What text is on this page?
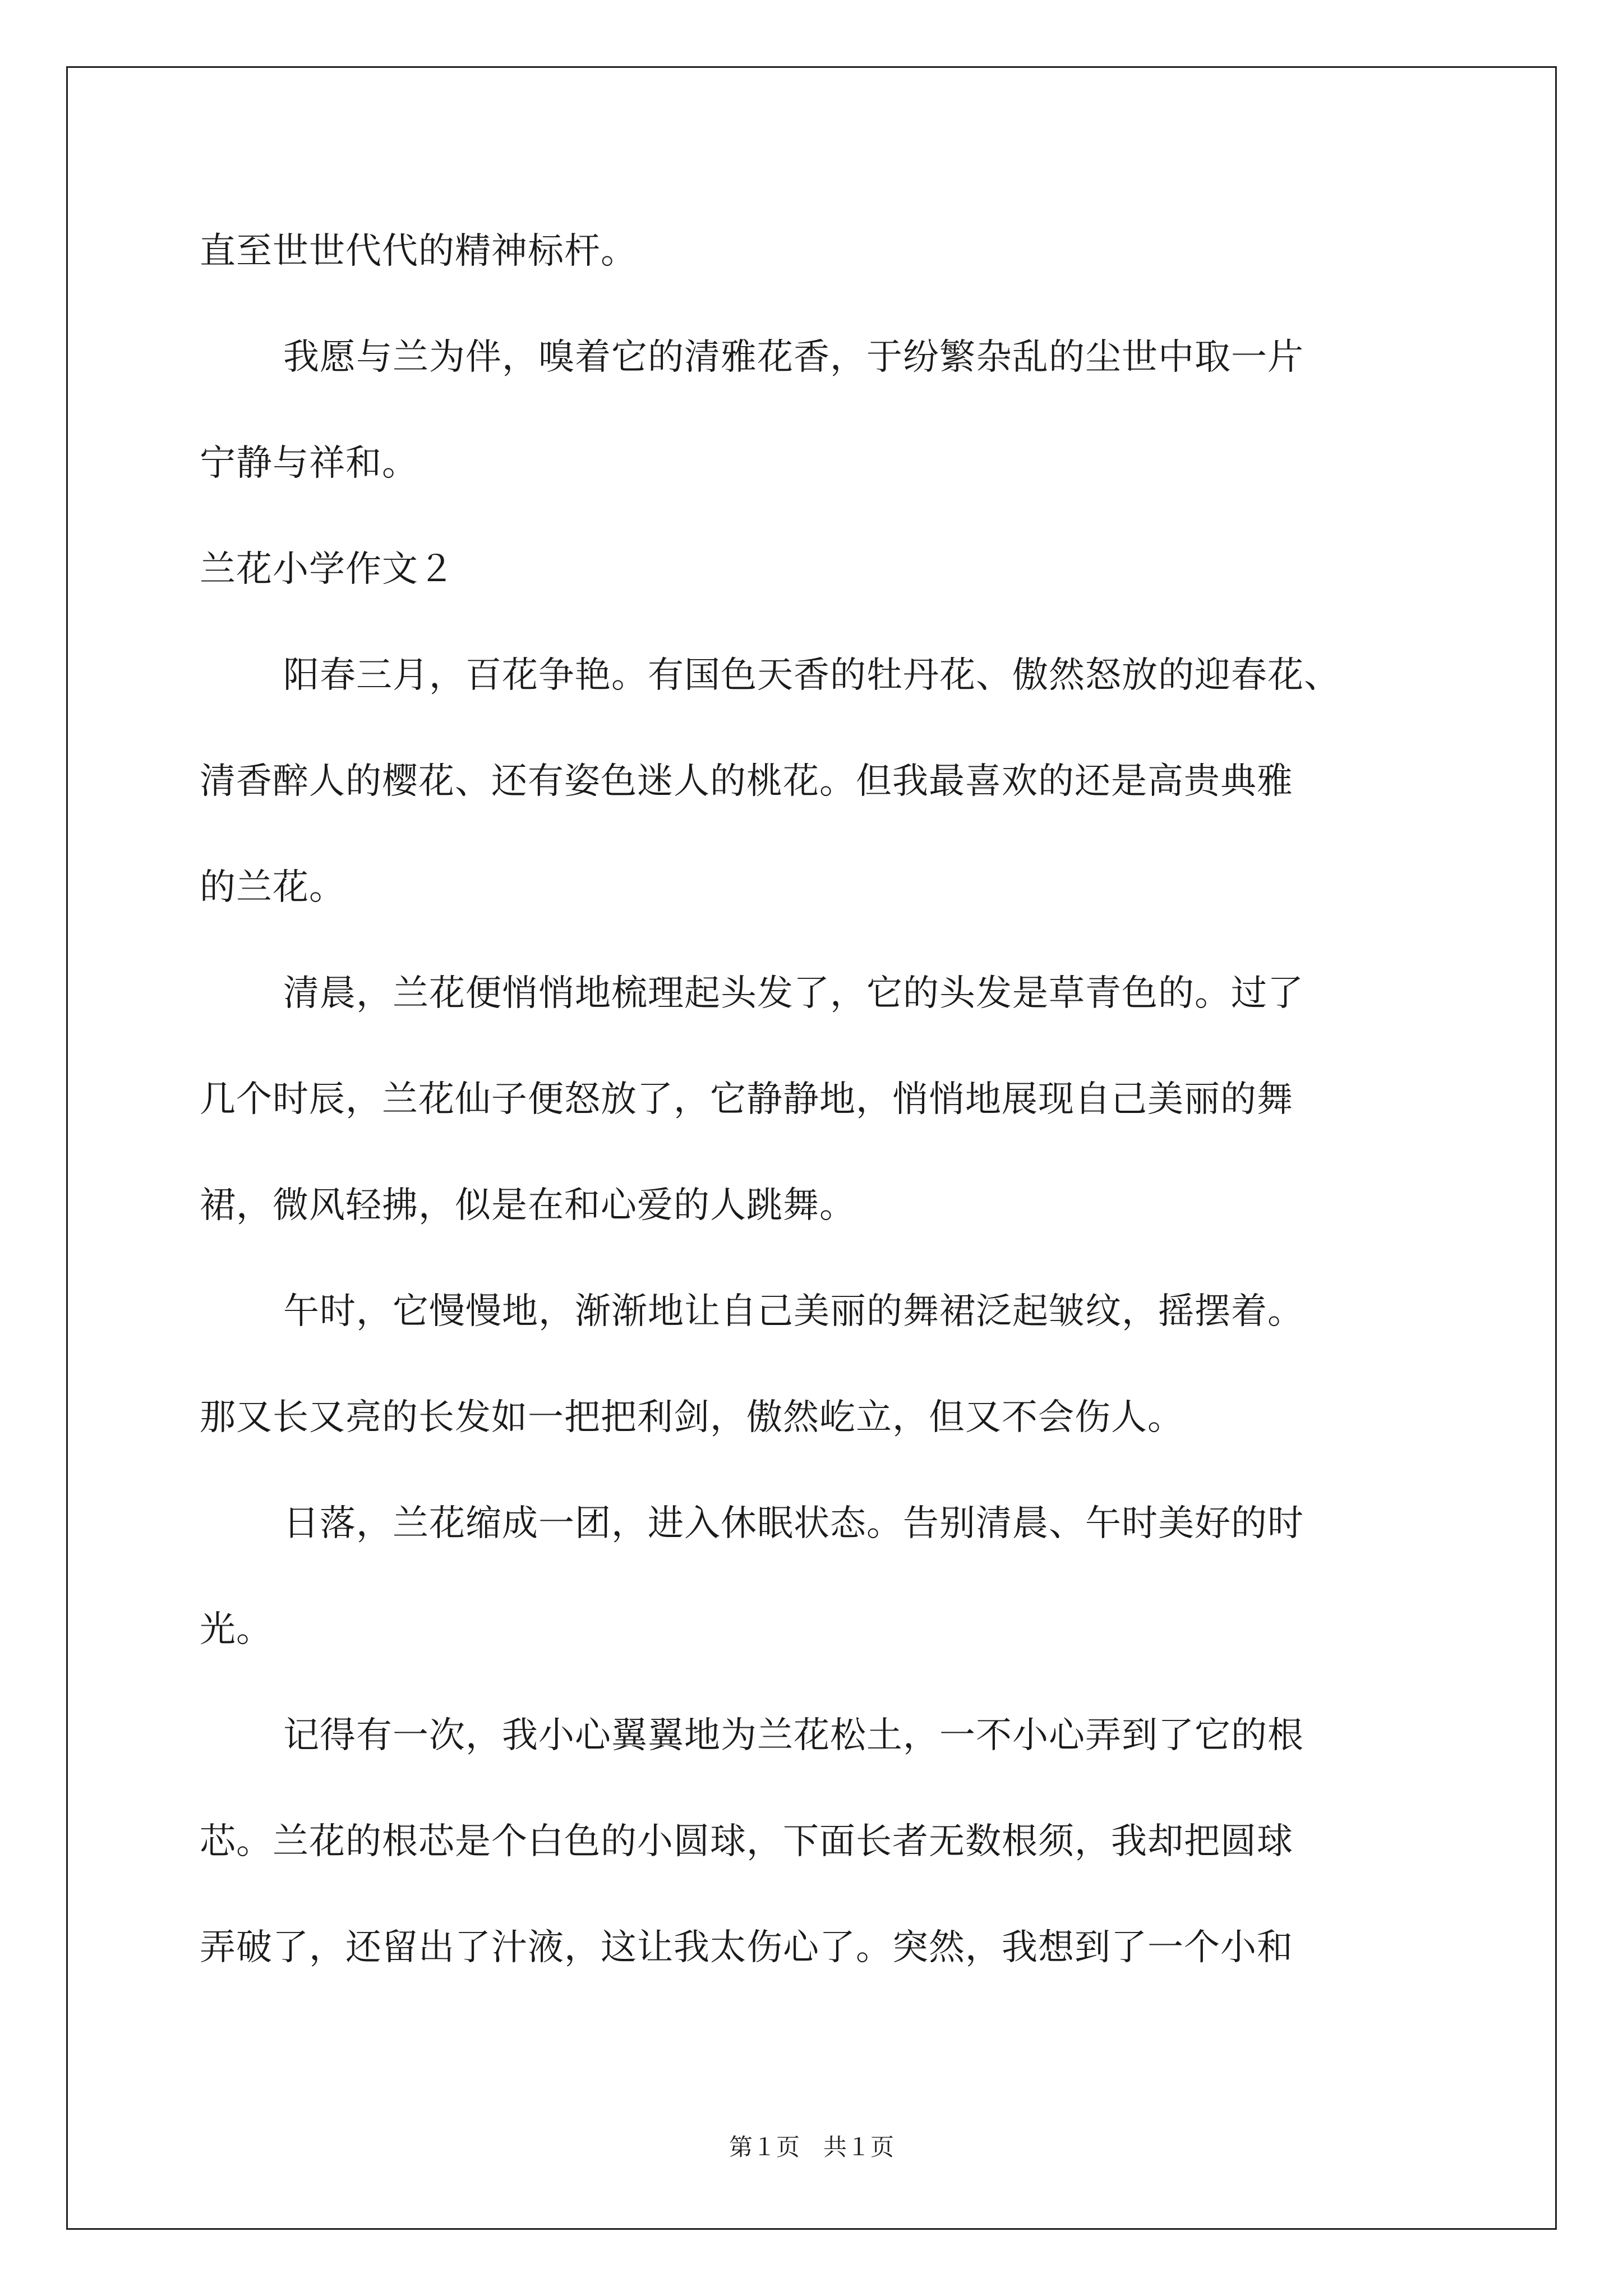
直至世世代代的精神标杆。
我愿与兰为伴，嗅着它的清雅花香，于纷繁杂乱的尘世中取一片
宁静与祥和。
兰花小学作文２
阳春三月，百花争艳。有国色天香的牡丹花、傲然怒放的迎春花、
清香醉人的樱花、还有姿色迷人的桃花。但我最喜欢的还是高贵典雅
的兰花。
清晨，兰花便悄悄地梳理起头发了，它的头发是草青色的。过了
几个时辰，兰花仙子便怒放了，它静静地，悄悄地展现自己美丽的舞
裙，微风轻拂，似是在和心爱的人跳舞。
午时，它慢慢地，渐渐地让自己美丽的舞裙泛起皱纹，摇摆着。
那又长又亮的长发如一把把利剑，傲然屹立，但又不会伤人。
日落，兰花缩成一团，进入休眠状态。告别清晨、午时美好的时
光。
记得有一次，我小心翼翼地为兰花松土，一不小心弄到了它的根
芯。兰花的根芯是个白色的小圆球，下面长者无数根须，我却把圆球
弄破了，还留出了汁液，这让我太伤心了。突然，我想到了一个小和
第１页　共１页
